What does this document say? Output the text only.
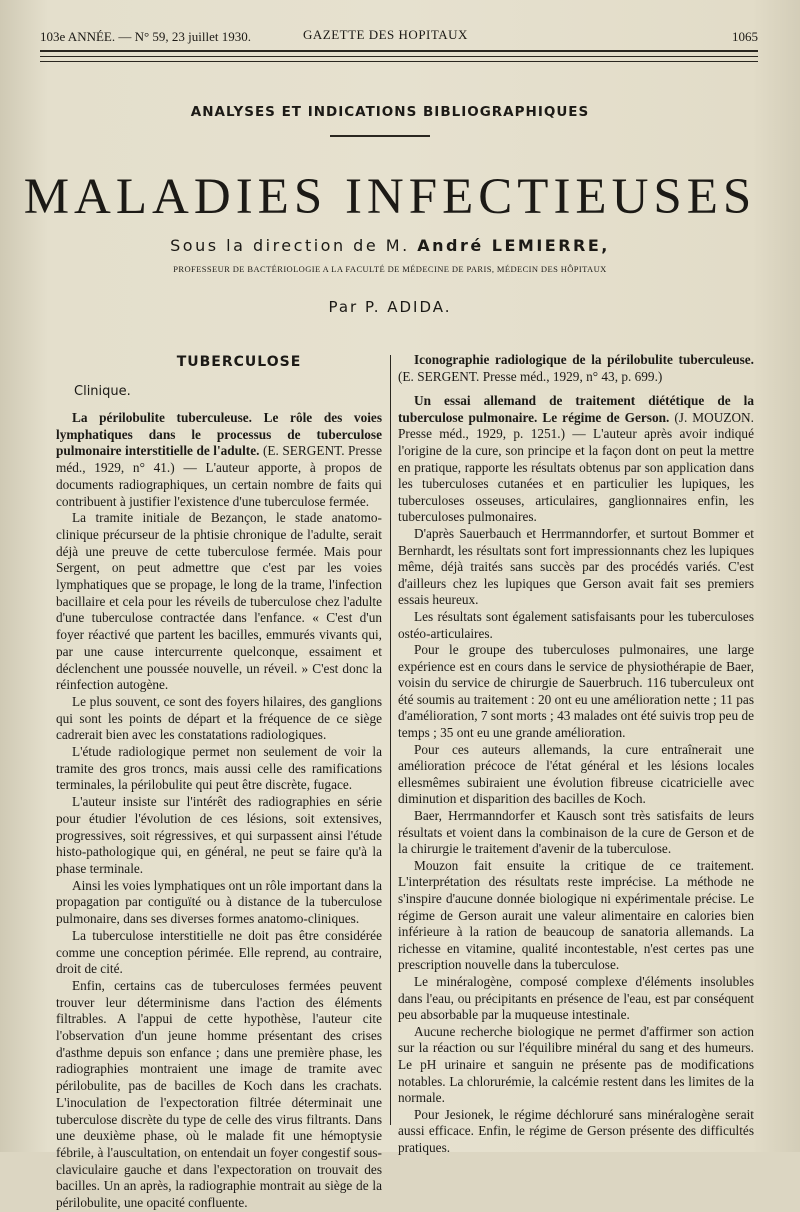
103e ANNÉE. — N° 59, 23 juillet 1930.	GAZETTE DES HOPITAUX	1065
ANALYSES ET INDICATIONS BIBLIOGRAPHIQUES
MALADIES INFECTIEUSES
Sous la direction de M. André LEMIERRE,
PROFESSEUR DE BACTÉRIOLOGIE A LA FACULTÉ DE MÉDECINE DE PARIS, MÉDECIN DES HÔPITAUX
Par P. ADIDA.
TUBERCULOSE
Clinique.

La périlobulite tuberculeuse. Le rôle des voies lymphatiques dans le processus de tuberculose pulmonaire interstitielle de l'adulte. (E. SERGENT. Presse méd., 1929, n° 41.) — L'auteur apporte, à propos de documents radiographiques, un certain nombre de faits qui contribuent à justifier l'existence d'une tuberculose fermée.

La tramite initiale de Bezançon, le stade anatomo-clinique précurseur de la phtisie chronique de l'adulte, serait déjà une preuve de cette tuberculose fermée. Mais pour Sergent, on peut admettre que c'est par les voies lymphatiques que se propage, le long de la trame, l'infection bacillaire et cela pour les réveils de tuberculose chez l'adulte d'une tuberculose contractée dans l'enfance. « C'est d'un foyer réactivé que partent les bacilles, emmurés vivants qui, par une cause intercurrente quelconque, essaiment et déclenchent une poussée nouvelle, un réveil. » C'est donc la réinfection autogène.

Le plus souvent, ce sont des foyers hilaires, des ganglions qui sont les points de départ et la fréquence de ce siège cadrerait bien avec les constatations radiologiques.

L'étude radiologique permet non seulement de voir la tramite des gros troncs, mais aussi celle des ramifications terminales, la périlobulite qui peut être discrète, fugace.

L'auteur insiste sur l'intérêt des radiographies en série pour étudier l'évolution de ces lésions, soit extensives, progressives, soit régressives, et qui surpassent ainsi l'étude histo-pathologique qui, en général, ne peut se faire qu'à la phase terminale.

Ainsi les voies lymphatiques ont un rôle important dans la propagation par contiguïté ou à distance de la tuberculose pulmonaire, dans ses diverses formes anatomo-cliniques.

La tuberculose interstitielle ne doit pas être considérée comme une conception périmée. Elle reprend, au contraire, droit de cité.

Enfin, certains cas de tuberculoses fermées peuvent trouver leur déterminisme dans l'action des éléments filtrables. A l'appui de cette hypothèse, l'auteur cite l'observation d'un jeune homme présentant des crises d'asthme depuis son enfance ; dans une première phase, les radiographies montraient une image de tramite avec périlobulite, pas de bacilles de Koch dans les crachats. L'inoculation de l'expectoration filtrée déterminait une tuberculose discrète du type de celle des virus filtrants. Dans une deuxième phase, où le malade fit une hémoptysie fébrile, à l'auscultation, on entendait un foyer congestif sous-claviculaire gauche et dans l'expectoration on trouvait des bacilles. Un an après, la radiographie montrait au siège de la périlobulite, une opacité confluente.

Iconographie radiologique de la périlobulite tuberculeuse. (E. SERGENT. Presse méd., 1929, n° 43, p. 699.)

Un essai allemand de traitement diététique de la tuberculose pulmonaire. Le régime de Gerson. (J. MOUZON. Presse méd., 1929, p. 1251.) — L'auteur après avoir indiqué l'origine de la cure, son principe et la façon dont on peut la mettre en pratique, rapporte les résultats obtenus par son application dans les tuberculoses cutanées et en particulier les lupiques, les tuberculoses osseuses, articulaires, ganglionnaires enfin, les tuberculoses pulmonaires.

D'après Sauerbauch et Herrmanndorfer, et surtout Bommer et Bernhardt, les résultats sont fort impressionnants chez les lupiques même, déjà traités sans succès par des procédés variés. C'est d'ailleurs chez les lupiques que Gerson avait fait ses premiers essais heureux.

Les résultats sont également satisfaisants pour les tuberculoses ostéo-articulaires.

Pour le groupe des tuberculoses pulmonaires, une large expérience est en cours dans le service de physiothérapie de Baer, voisin du service de chirurgie de Sauerbruch. 116 tuberculeux ont été soumis au traitement : 20 ont eu une amélioration nette ; 11 pas d'amélioration, 7 sont morts ; 43 malades ont été suivis trop peu de temps ; 35 ont eu une grande amélioration.

Pour ces auteurs allemands, la cure entraînerait une amélioration précoce de l'état général et les lésions locales ellesmêmes subiraient une évolution fibreuse cicatricielle avec diminution et disparition des bacilles de Koch.

Baer, Herrmanndorfer et Kausch sont très satisfaits de leurs résultats et voient dans la combinaison de la cure de Gerson et de la chirurgie le traitement d'avenir de la tuberculose.

Mouzon fait ensuite la critique de ce traitement. L'interprétation des résultats reste imprécise. La méthode ne s'inspire d'aucune donnée biologique ni expérimentale précise. Le régime de Gerson aurait une valeur alimentaire en calories bien inférieure à la ration de beaucoup de sanatoria allemands. La richesse en vitamine, qualité incontestable, n'est certes pas une prescription nouvelle dans la tuberculose.

Le minéralogène, composé complexe d'éléments insolubles dans l'eau, ou précipitants en présence de l'eau, est par conséquent peu absorbable par la muqueuse intestinale.

Aucune recherche biologique ne permet d'affirmer son action sur la réaction ou sur l'équilibre minéral du sang et des humeurs. Le pH urinaire et sanguin ne présente pas de modifications notables. La chlorurémie, la calcémie restent dans les limites de la normale.

Pour Jesionek, le régime déchloruré sans minéralogène serait aussi efficace. Enfin, le régime de Gerson présente des difficultés pratiques.
